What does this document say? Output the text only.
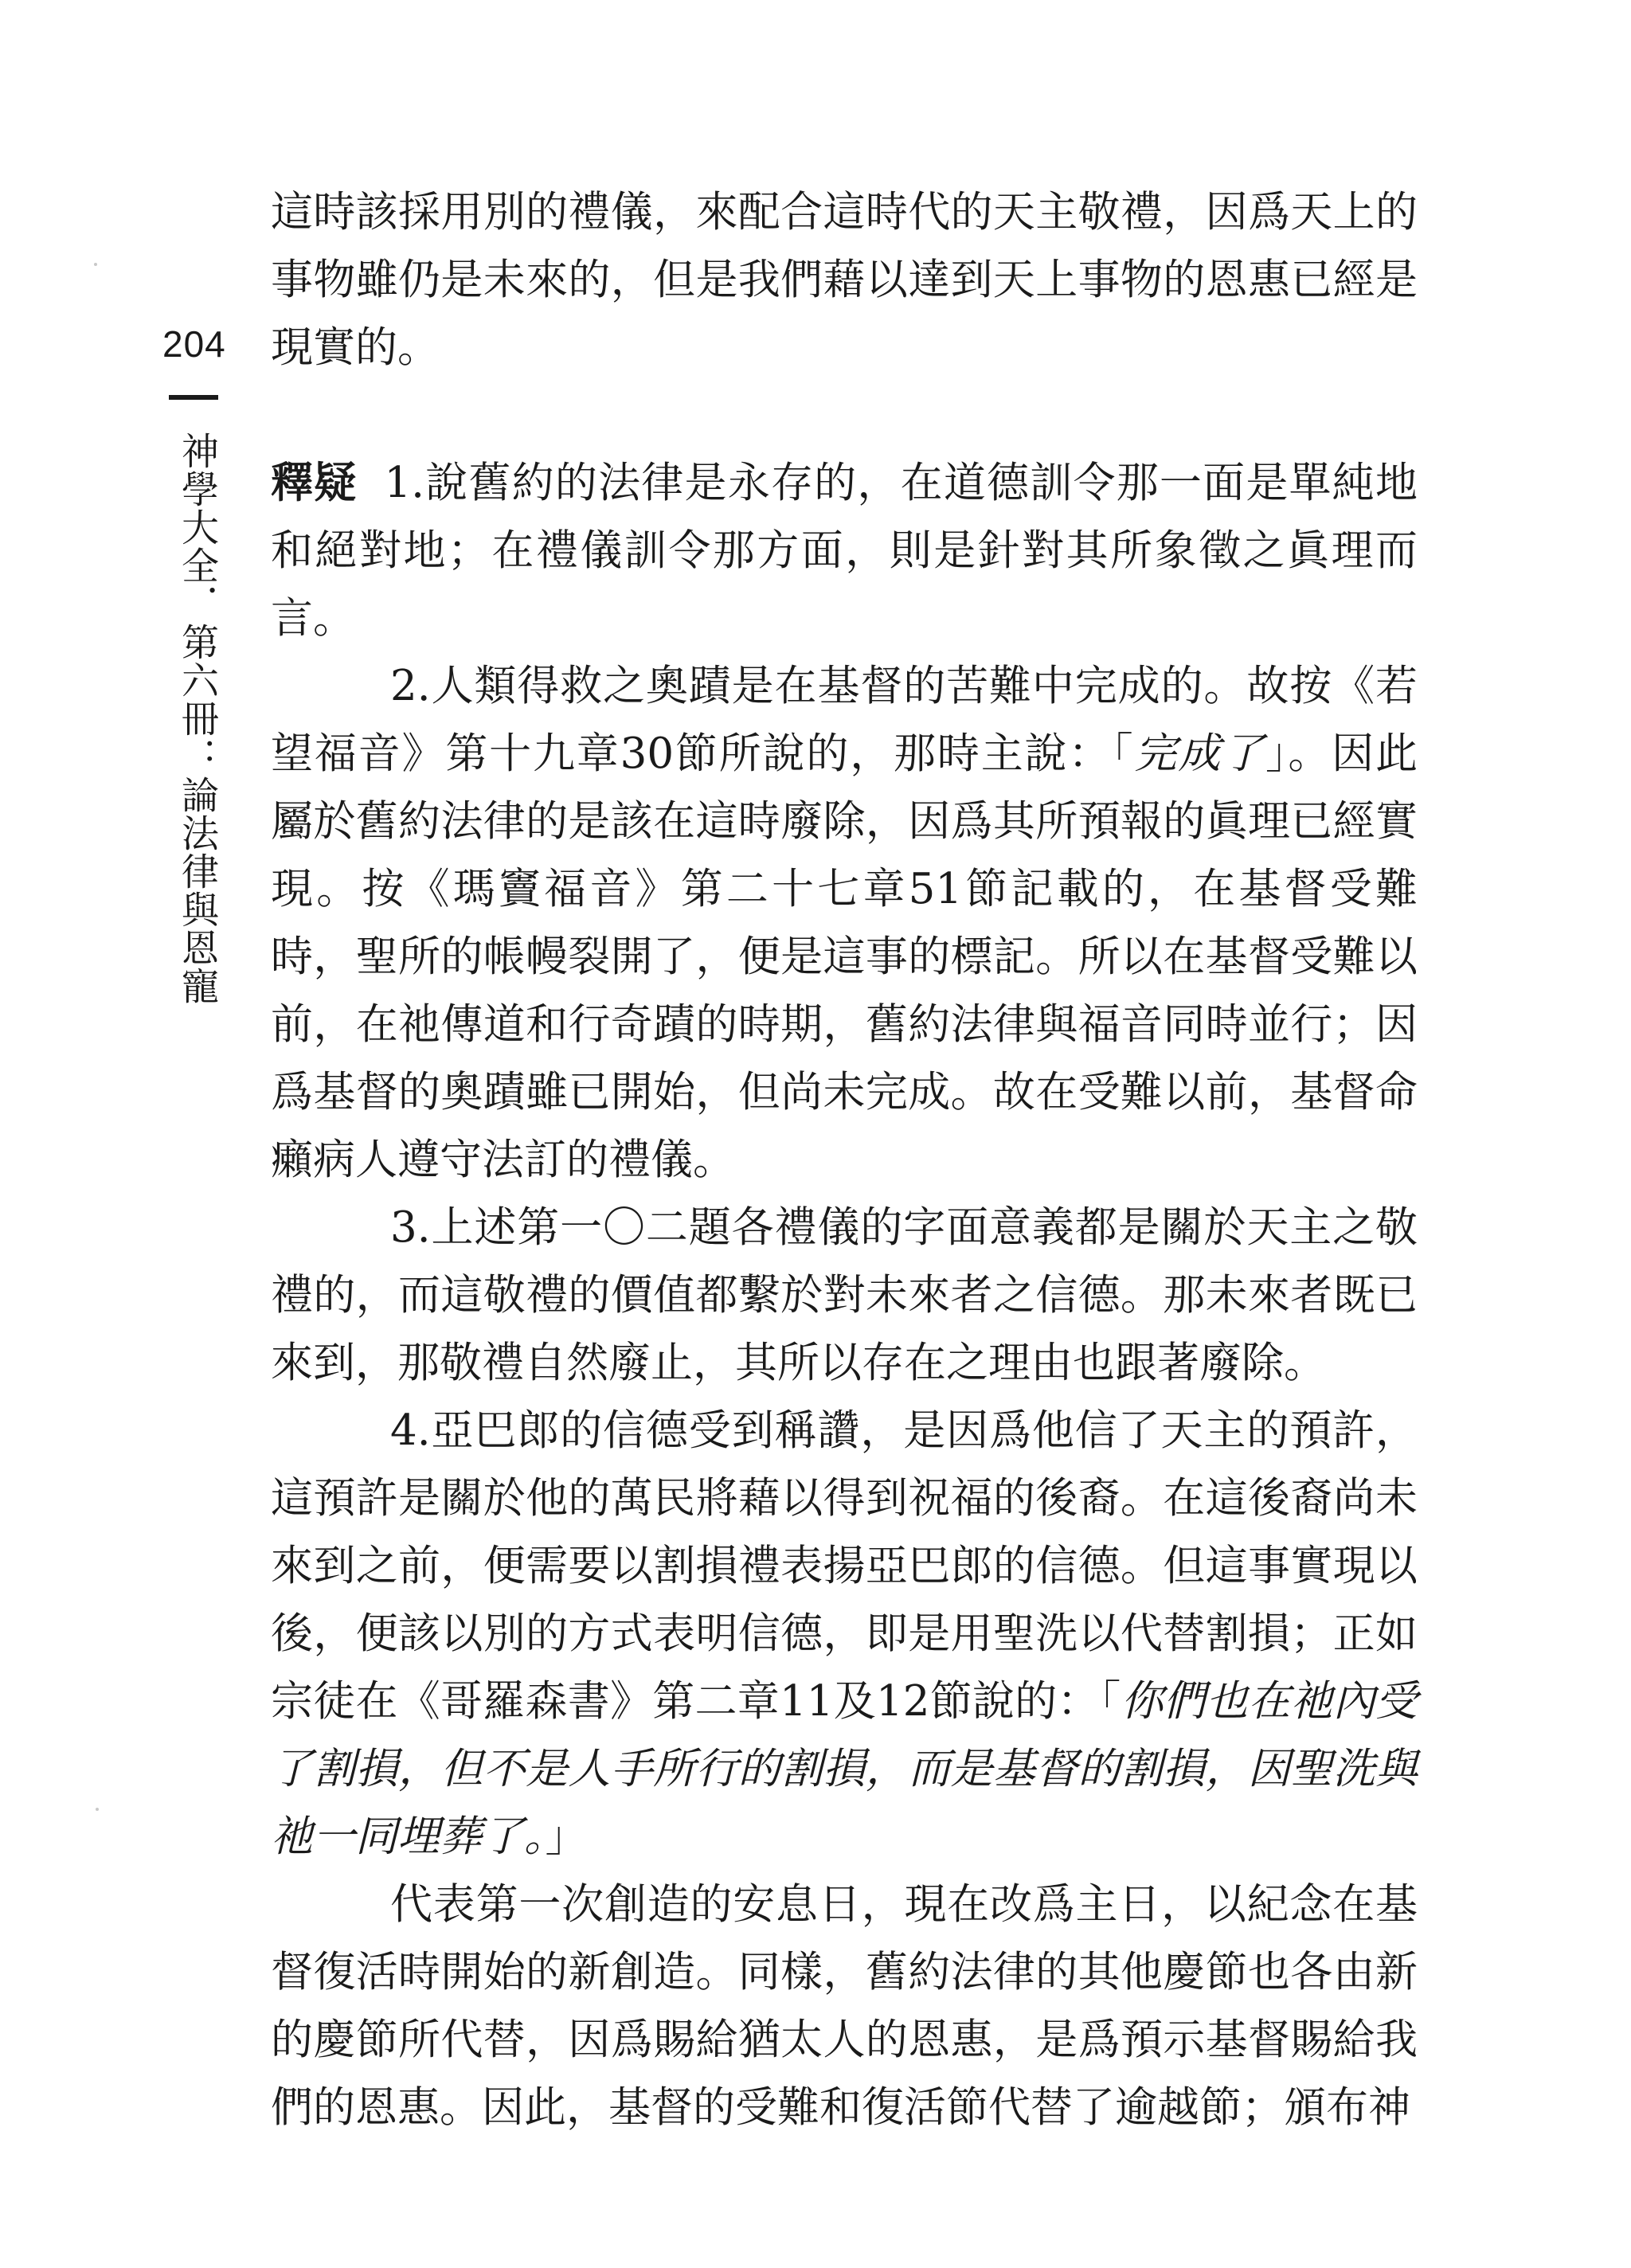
204
神學大全．第六冊：論法律與恩寵

這時該採用別的禮儀，來配合這時代的天主敬禮，因爲天上的事物雖仍是未來的，但是我們藉以達到天上事物的恩惠已經是現實的。

釋疑 1.說舊約的法律是永存的，在道德訓令那一面是單純地和絕對地；在禮儀訓令那方面，則是針對其所象徵之眞理而言。

2.人類得救之奧蹟是在基督的苦難中完成的。故按《若望福音》第十九章30節所說的，那時主說：「完成了」。因此屬於舊約法律的是該在這時廢除，因爲其所預報的眞理已經實現。按《瑪竇福音》第二十七章51節記載的，在基督受難時，聖所的帳幔裂開了，便是這事的標記。所以在基督受難以前，在祂傳道和行奇蹟的時期，舊約法律與福音同時並行；因爲基督的奧蹟雖已開始，但尚未完成。故在受難以前，基督命癩病人遵守法訂的禮儀。

3.上述第一〇二題各禮儀的字面意義都是關於天主之敬禮的，而這敬禮的價值都繫於對未來者之信德。那未來者既已來到，那敬禮自然廢止，其所以存在之理由也跟著廢除。

4.亞巴郎的信德受到稱讚，是因爲他信了天主的預許，這預許是關於他的萬民將藉以得到祝福的後裔。在這後裔尚未來到之前，便需要以割損禮表揚亞巴郎的信德。但這事實現以後，便該以別的方式表明信德，即是用聖洗以代替割損；正如宗徒在《哥羅森書》第二章11及12節說的：「你們也在祂內受了割損，但不是人手所行的割損，而是基督的割損，因聖洗與祂一同埋葬了。」

代表第一次創造的安息日，現在改爲主日，以紀念在基督復活時開始的新創造。同樣，舊約法律的其他慶節也各由新的慶節所代替，因爲賜給猶太人的恩惠，是爲預示基督賜給我們的恩惠。因此，基督的受難和復活節代替了逾越節；頒布神
